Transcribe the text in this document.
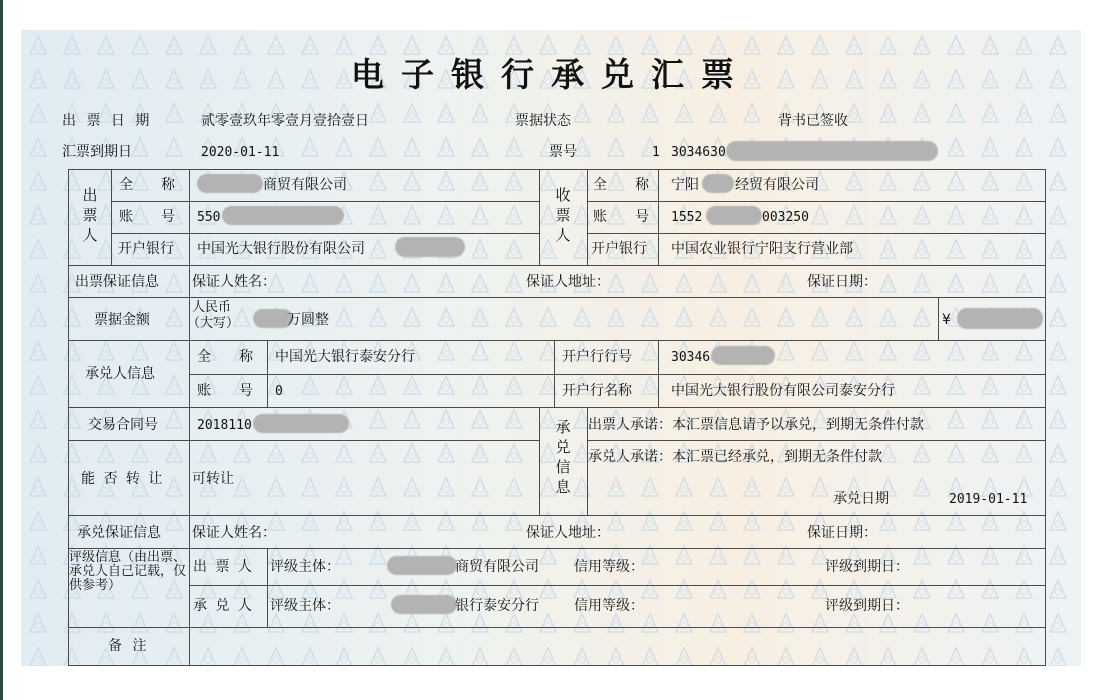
电子银行承兑汇票
出 票 日 期	贰零壹玖年零壹月壹拾壹日	票据状态	背书已签收
汇票到期日	2020-01-11	票号	1 3034630
出票人
全　称	商贸有限公司
账　号 550
开户银行 中国光大银行股份有限公司
收票人
全　称 宁阳	经贸有限公司
账　号 1552	003250
开户银行 中国农业银行宁阳支行营业部
出票保证信息 保证人姓名：	保证人地址：	保证日期：
票据金额
人民币
（大写）	万圆整	¥
承兑人信息
全　称 中国光大银行泰安分行
账　号 0
开户行行号	30346
开户行名称	中国光大银行股份有限公司泰安分行
交易合同号	2018110
能 否 转 让 可转让
承兑信息
出票人承诺：本汇票信息请予以承兑，到期无条件付款
承兑人承诺：本汇票已经承兑，到期无条件付款
承兑日期	2019-01-11
承兑保证信息 保证人姓名：	保证人地址：	保证日期：
评级信息（由出票、承兑人自己记载，仅供参考）
出 票 人 评级主体：	商贸有限公司	信用等级：	评级到期日：
承 兑 人 评级主体：	银行泰安分行	信用等级：	评级到期日：
备 注
